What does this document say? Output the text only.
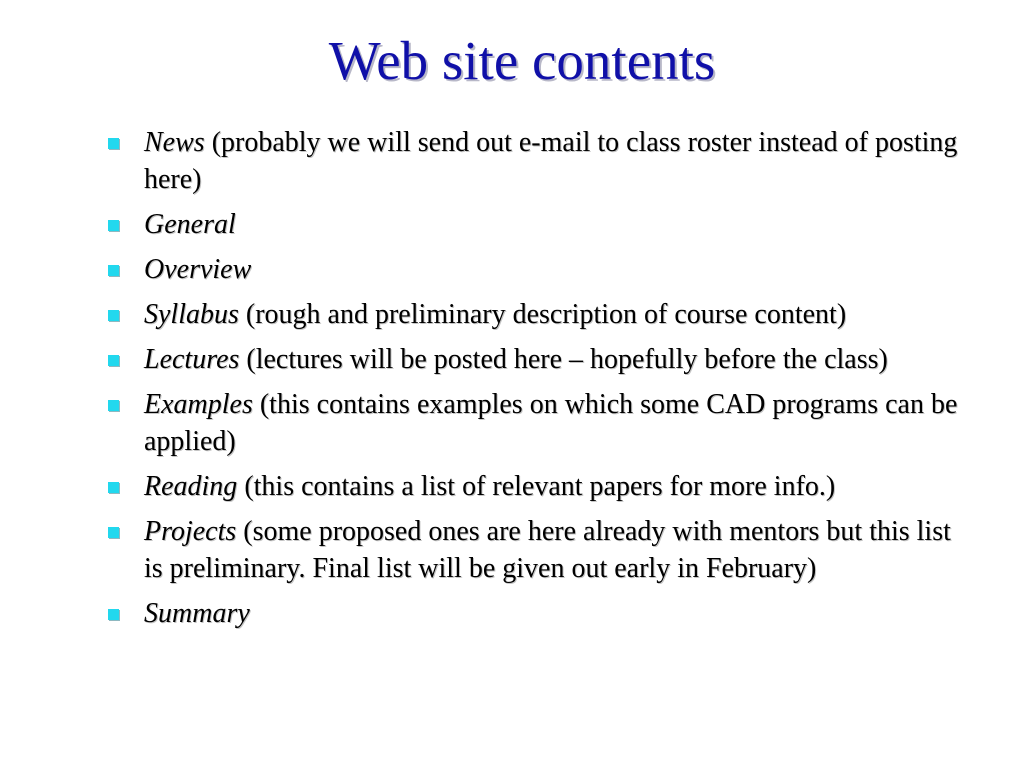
Web site contents
News (probably we will send out e-mail to class roster instead of posting here)
General
Overview
Syllabus (rough and preliminary description of course content)
Lectures (lectures will be posted here – hopefully before the class)
Examples (this contains examples on which some CAD programs can be applied)
Reading (this contains a list of relevant papers for more info.)
Projects (some proposed ones are here already with mentors but this list is preliminary. Final list will be given out early in February)
Summary
